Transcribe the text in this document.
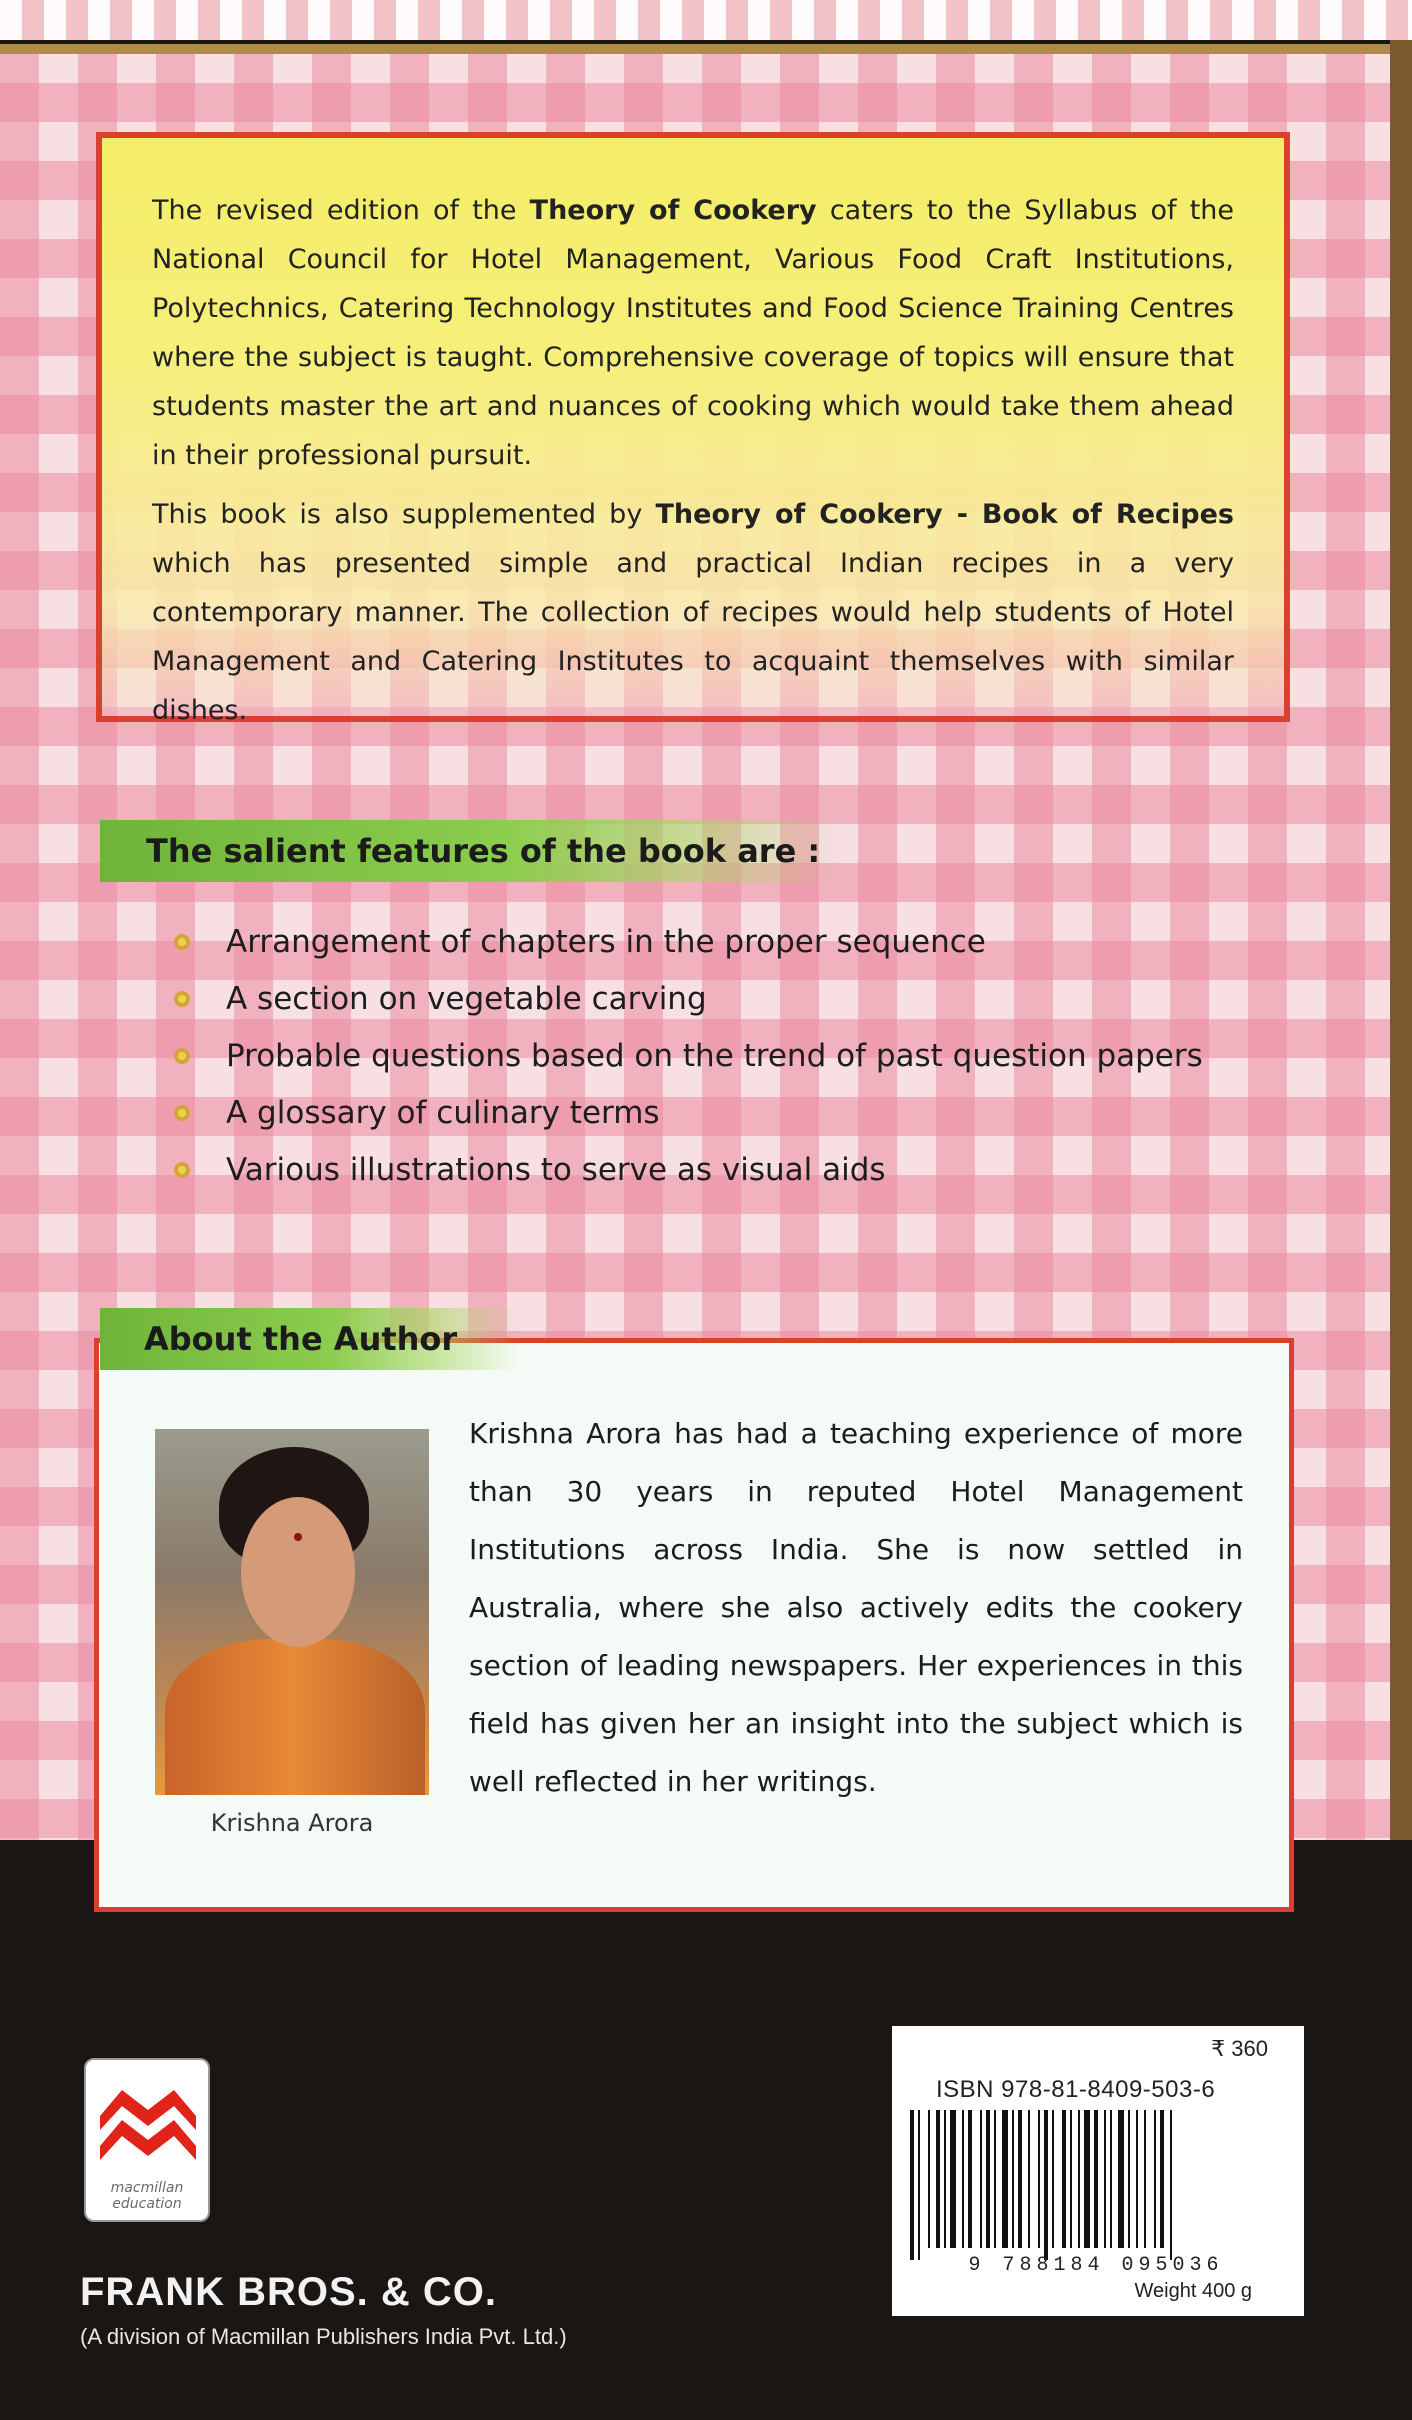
The revised edition of the Theory of Cookery caters to the Syllabus of the National Council for Hotel Management, Various Food Craft Institutions, Polytechnics, Catering Technology Institutes and Food Science Training Centres where the subject is taught. Comprehensive coverage of topics will ensure that students master the art and nuances of cooking which would take them ahead in their professional pursuit.

This book is also supplemented by Theory of Cookery - Book of Recipes which has presented simple and practical Indian recipes in a very contemporary manner. The collection of recipes would help students of Hotel Management and Catering Institutes to acquaint themselves with similar dishes.

The salient features of the book are :
Arrangement of chapters in the proper sequence
A section on vegetable carving
Probable questions based on the trend of past question papers
A glossary of culinary terms
Various illustrations to serve as visual aids
Krishna Arora

Krishna Arora has had a teaching experience of more than 30 years in reputed Hotel Management Institutions across India. She is now settled in Australia, where she also actively edits the cookery section of leading newspapers. Her experiences in this field has given her an insight into the subject which is well reflected in her writings.

About the Author
macmillan
education
FRANK BROS. & CO.
(A division of Macmillan Publishers India Pvt. Ltd.)
₹ 360
ISBN 978-81-8409-503-6
9 788184 095036
Weight 400 g
